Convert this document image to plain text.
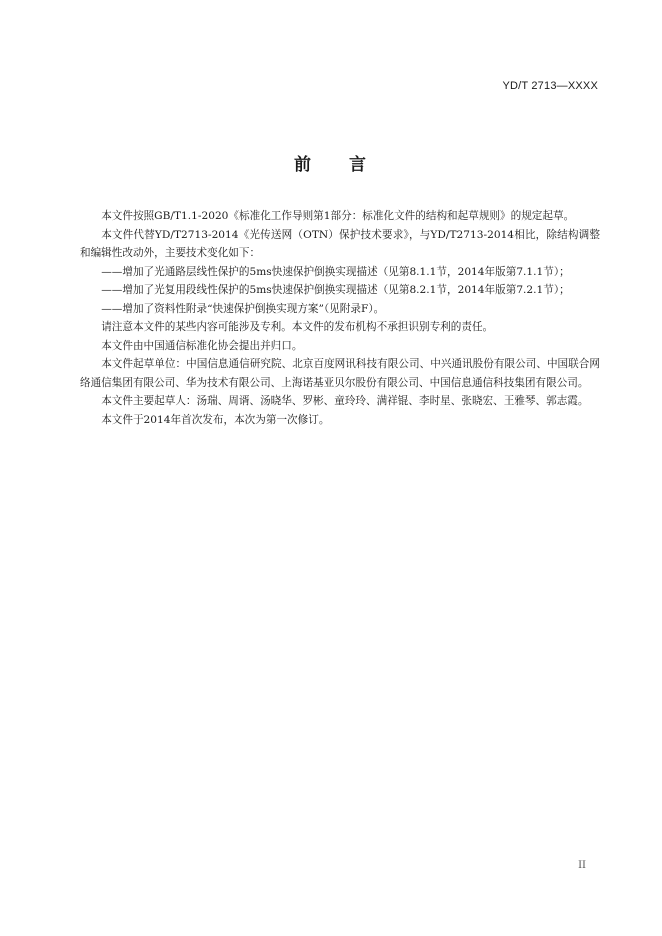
YD/T 2713—XXXX
前 言

本文件按照GB/T1.1-2020《标准化工作导则第1部分：标准化文件的结构和起草规则》的规定起草。

本文件代替YD/T2713-2014《光传送网（OTN）保护技术要求》，与YD/T2713-2014相比，除结构调整和编辑性改动外，主要技术变化如下：

——增加了光通路层线性保护的5ms快速保护倒换实现描述（见第8.1.1节，2014年版第7.1.1节）；

——增加了光复用段线性保护的5ms快速保护倒换实现描述（见第8.2.1节，2014年版第7.2.1节）；

——增加了资料性附录“快速保护倒换实现方案”（见附录F）。

请注意本文件的某些内容可能涉及专利。本文件的发布机构不承担识别专利的责任。

本文件由中国通信标准化协会提出并归口。

本文件起草单位：中国信息通信研究院、北京百度网讯科技有限公司、中兴通讯股份有限公司、中国联合网络通信集团有限公司、华为技术有限公司、上海诺基亚贝尔股份有限公司、中国信息通信科技集团有限公司。

本文件主要起草人：汤瑞、周谞、汤晓华、罗彬、童玲玲、满祥锟、李时星、张晓宏、王雅琴、郭志霞。

本文件于2014年首次发布，本次为第一次修订。

II
